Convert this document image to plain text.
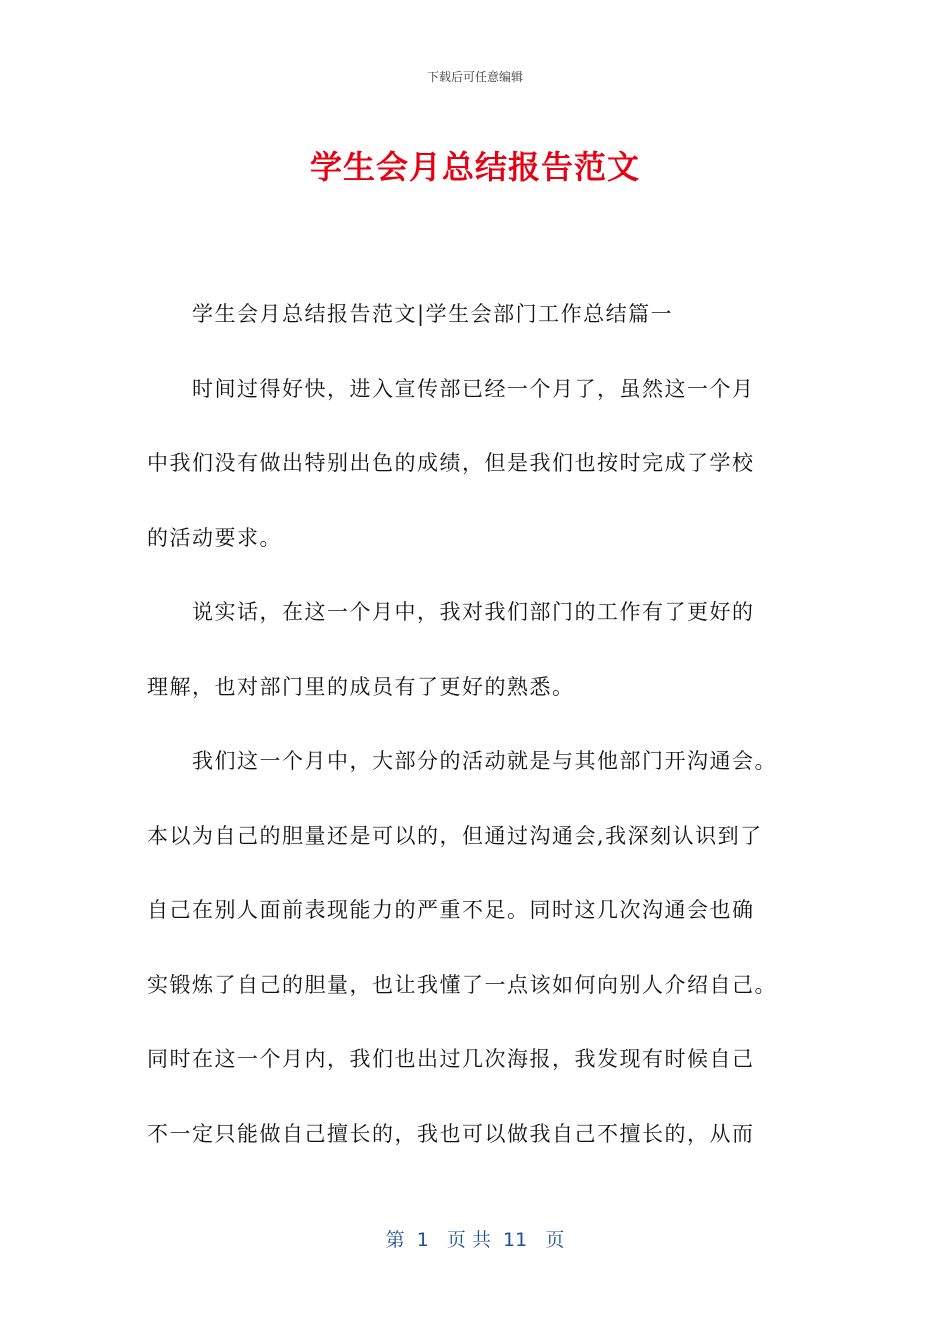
下载后可任意编辑
学生会月总结报告范文
　　学生会月总结报告范文|学生会部门工作总结篇一
　　时间过得好快，进入宣传部已经一个月了，虽然这一个月
中我们没有做出特别出色的成绩，但是我们也按时完成了学校
的活动要求。
　　说实话，在这一个月中，我对我们部门的工作有了更好的
理解，也对部门里的成员有了更好的熟悉。
　　我们这一个月中，大部分的活动就是与其他部门开沟通会。
本以为自己的胆量还是可以的，但通过沟通会,我深刻认识到了
自己在别人面前表现能力的严重不足。同时这几次沟通会也确
实锻炼了自己的胆量，也让我懂了一点该如何向别人介绍自己。
同时在这一个月内，我们也出过几次海报，我发现有时候自己
不一定只能做自己擅长的，我也可以做我自己不擅长的，从而
第  1   页 共  11   页
